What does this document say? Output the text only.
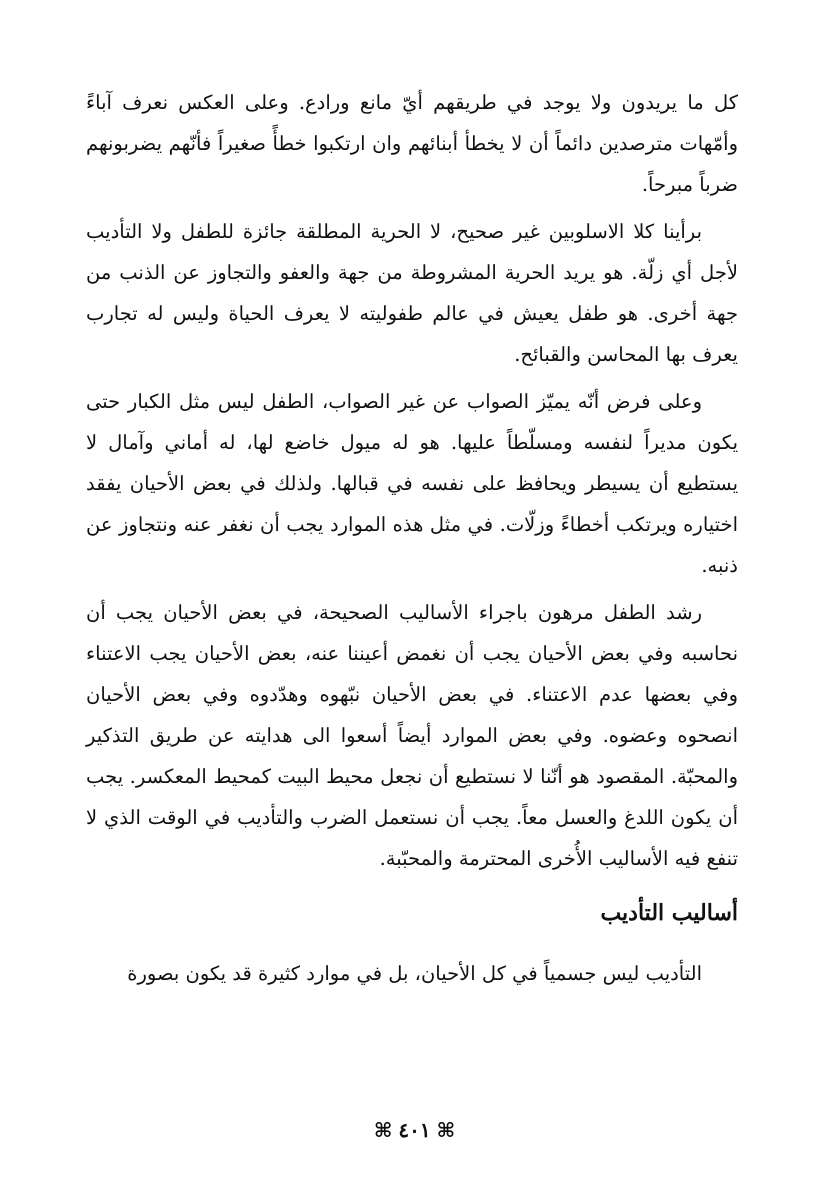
كل ما يريدون ولا يوجد في طريقهم أيّ مانع ورادع. وعلى العكس نعرف آباءً وأمّهات مترصدين دائماً أن لا يخطأ أبنائهم وان ارتكبوا خطأً صغيراً فأنّهم يضربونهم ضرباً مبرحاً.

برأينا كلا الاسلوبين غير صحيح، لا الحرية المطلقة جائزة للطفل ولا التأديب لأجل أي زلّة. هو يريد الحرية المشروطة من جهة والعفو والتجاوز عن الذنب من جهة أخرى. هو طفل يعيش في عالم طفوليته لا يعرف الحياة وليس له تجارب يعرف بها المحاسن والقبائح.

وعلى فرض أنّه يميّز الصواب عن غير الصواب، الطفل ليس مثل الكبار حتى يكون مديراً لنفسه ومسلّطاً عليها. هو له ميول خاضع لها، له أماني وآمال لا يستطيع أن يسيطر ويحافظ على نفسه في قبالها. ولذلك في بعض الأحيان يفقد اختياره ويرتكب أخطاءً وزلّات. في مثل هذه الموارد يجب أن نغفر عنه ونتجاوز عن ذنبه.

رشد الطفل مرهون باجراء الأساليب الصحيحة، في بعض الأحيان يجب أن نحاسبه وفي بعض الأحيان يجب أن نغمض أعيننا عنه، بعض الأحيان يجب الاعتناء وفي بعضها عدم الاعتناء. في بعض الأحيان نبّهوه وهدّدوه وفي بعض الأحيان انصحوه وعضوه. وفي بعض الموارد أيضاً أسعوا الى هدايته عن طريق التذكير والمحبّة. المقصود هو أنّنا لا نستطيع أن نجعل محيط البيت كمحيط المعكسر. يجب أن يكون اللدغ والعسل معاً. يجب أن نستعمل الضرب والتأديب في الوقت الذي لا تنفع فيه الأساليب الأُخرى المحترمة والمحبّبة.

أساليب التأديب

التأديب ليس جسمياً في كل الأحيان، بل في موارد كثيرة قد يكون بصورة

⌘٤٠١⌘
